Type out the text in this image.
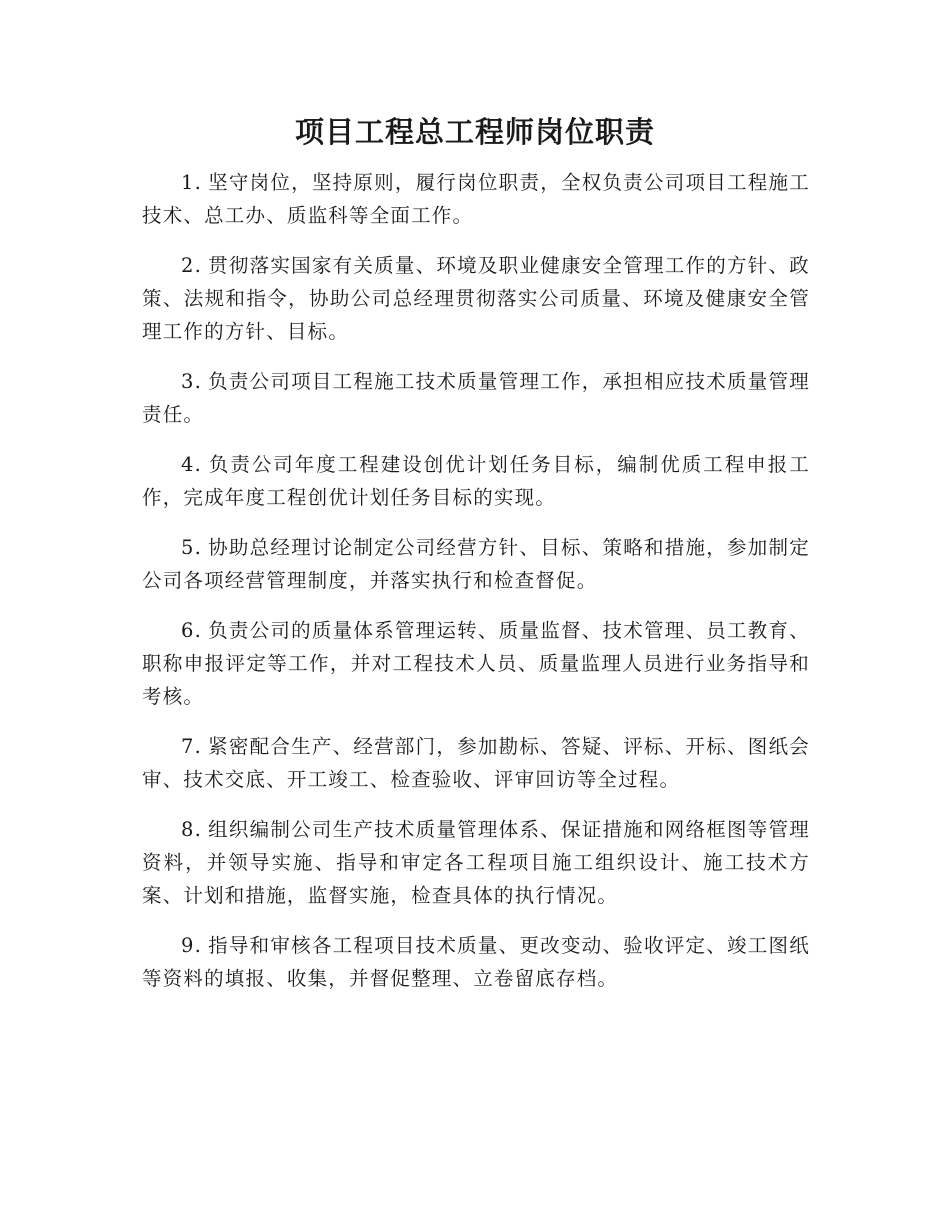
项目工程总工程师岗位职责

1. 坚守岗位，坚持原则，履行岗位职责，全权负责公司项目工程施工技术、总工办、质监科等全面工作。

2. 贯彻落实国家有关质量、环境及职业健康安全管理工作的方针、政策、法规和指令，协助公司总经理贯彻落实公司质量、环境及健康安全管理工作的方针、目标。

3. 负责公司项目工程施工技术质量管理工作，承担相应技术质量管理责任。

4. 负责公司年度工程建设创优计划任务目标，编制优质工程申报工作，完成年度工程创优计划任务目标的实现。

5. 协助总经理讨论制定公司经营方针、目标、策略和措施，参加制定公司各项经营管理制度，并落实执行和检查督促。

6. 负责公司的质量体系管理运转、质量监督、技术管理、员工教育、职称申报评定等工作，并对工程技术人员、质量监理人员进行业务指导和考核。

7. 紧密配合生产、经营部门，参加勘标、答疑、评标、开标、图纸会审、技术交底、开工竣工、检查验收、评审回访等全过程。

8. 组织编制公司生产技术质量管理体系、保证措施和网络框图等管理资料，并领导实施、指导和审定各工程项目施工组织设计、施工技术方案、计划和措施，监督实施，检查具体的执行情况。

9. 指导和审核各工程项目技术质量、更改变动、验收评定、竣工图纸等资料的填报、收集，并督促整理、立卷留底存档。
